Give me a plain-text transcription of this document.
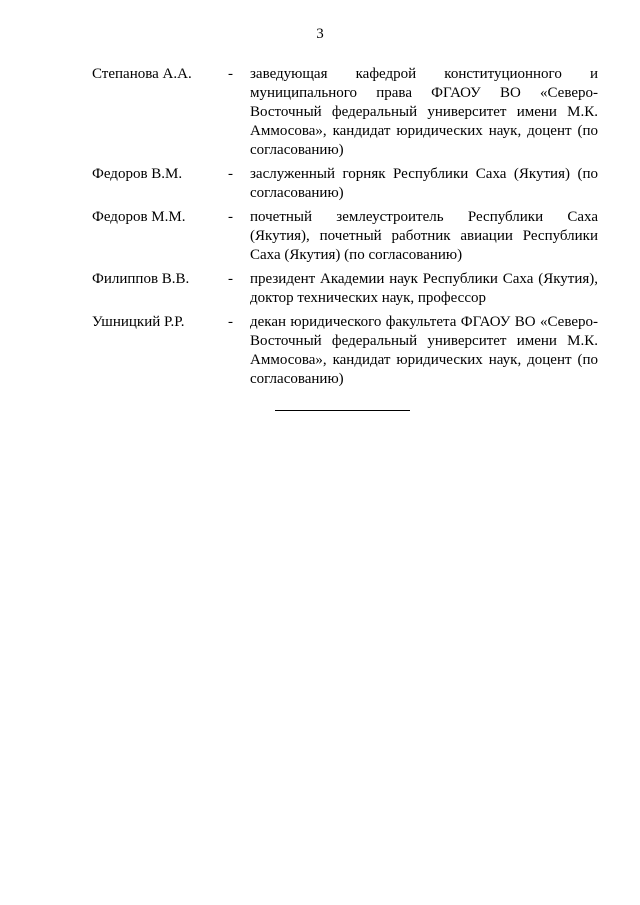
3
Степанова А.А.	-	заведующая кафедрой конституционного и муниципального права ФГАОУ ВО «Северо-Восточный федеральный университет имени М.К. Аммосова», кандидат юридических наук, доцент (по согласованию)
Федоров В.М.	-	заслуженный горняк Республики Саха (Якутия) (по согласованию)
Федоров М.М.	-	почетный землеустроитель Республики Саха (Якутия), почетный работник авиации Республики Саха (Якутия) (по согласованию)
Филиппов В.В.	-	президент Академии наук Республики Саха (Якутия), доктор технических наук, профессор
Ушницкий Р.Р.	-	декан юридического факультета ФГАОУ ВО «Северо-Восточный федеральный университет имени М.К. Аммосова», кандидат юридических наук, доцент (по согласованию)
